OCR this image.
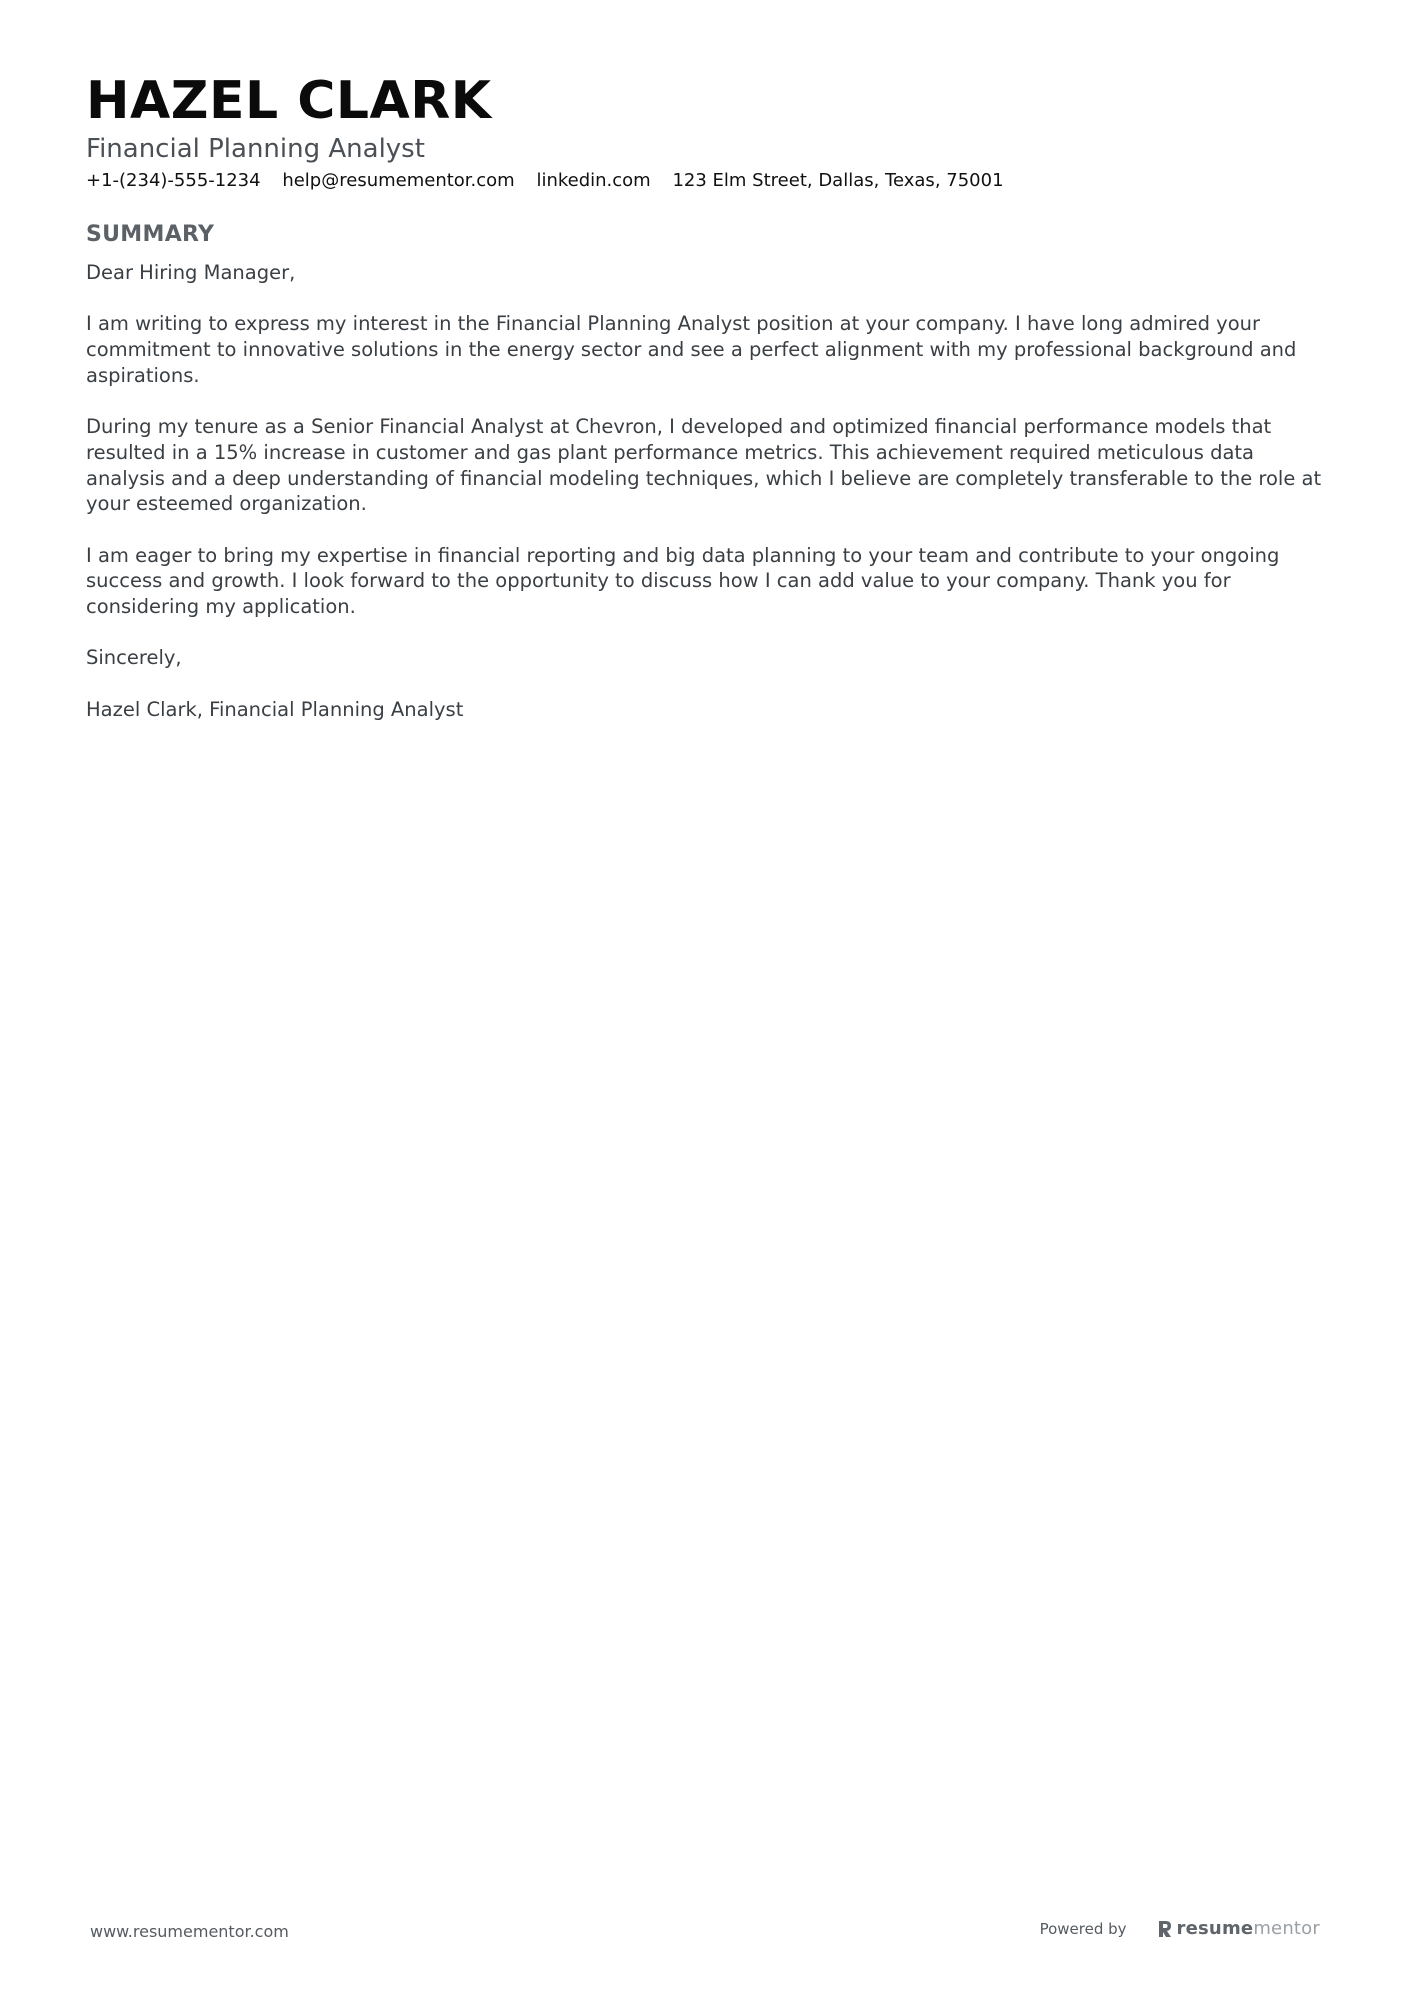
HAZEL CLARK
Financial Planning Analyst
+1-(234)-555-1234 help@resumementor.com linkedin.com 123 Elm Street, Dallas, Texas, 75001
SUMMARY

Dear Hiring Manager,

I am writing to express my interest in the Financial Planning Analyst position at your company. I have long admired your commitment to innovative solutions in the energy sector and see a perfect alignment with my professional background and aspirations.

During my tenure as a Senior Financial Analyst at Chevron, I developed and optimized financial performance models that resulted in a 15% increase in customer and gas plant performance metrics. This achievement required meticulous data analysis and a deep understanding of financial modeling techniques, which I believe are completely transferable to the role at your esteemed organization.

I am eager to bring my expertise in financial reporting and big data planning to your team and contribute to your ongoing success and growth. I look forward to the opportunity to discuss how I can add value to your company. Thank you for considering my application.

Sincerely,

Hazel Clark, Financial Planning Analyst

www.resumementor.com	Powered by	resumementor
